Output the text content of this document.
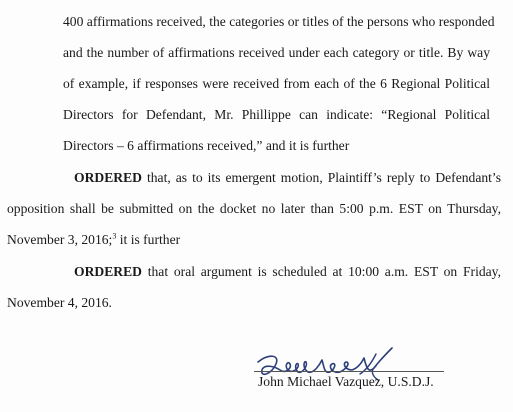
400 affirmations received, the categories or titles of the persons who responded
and the number of affirmations received under each category or title. By way
of example, if responses were received from each of the 6 Regional Political
Directors for Defendant, Mr. Phillippe can indicate: “Regional Political
Directors – 6 affirmations received,” and it is further
ORDERED that, as to its emergent motion, Plaintiff’s reply to Defendant’s
opposition shall be submitted on the docket no later than 5:00 p.m. EST on Thursday,
November 3, 2016;$^3$ it is further
ORDERED that oral argument is scheduled at 10:00 a.m. EST on Friday,
November 4, 2016.
John Michael Vazquez, U.S.D.J.
